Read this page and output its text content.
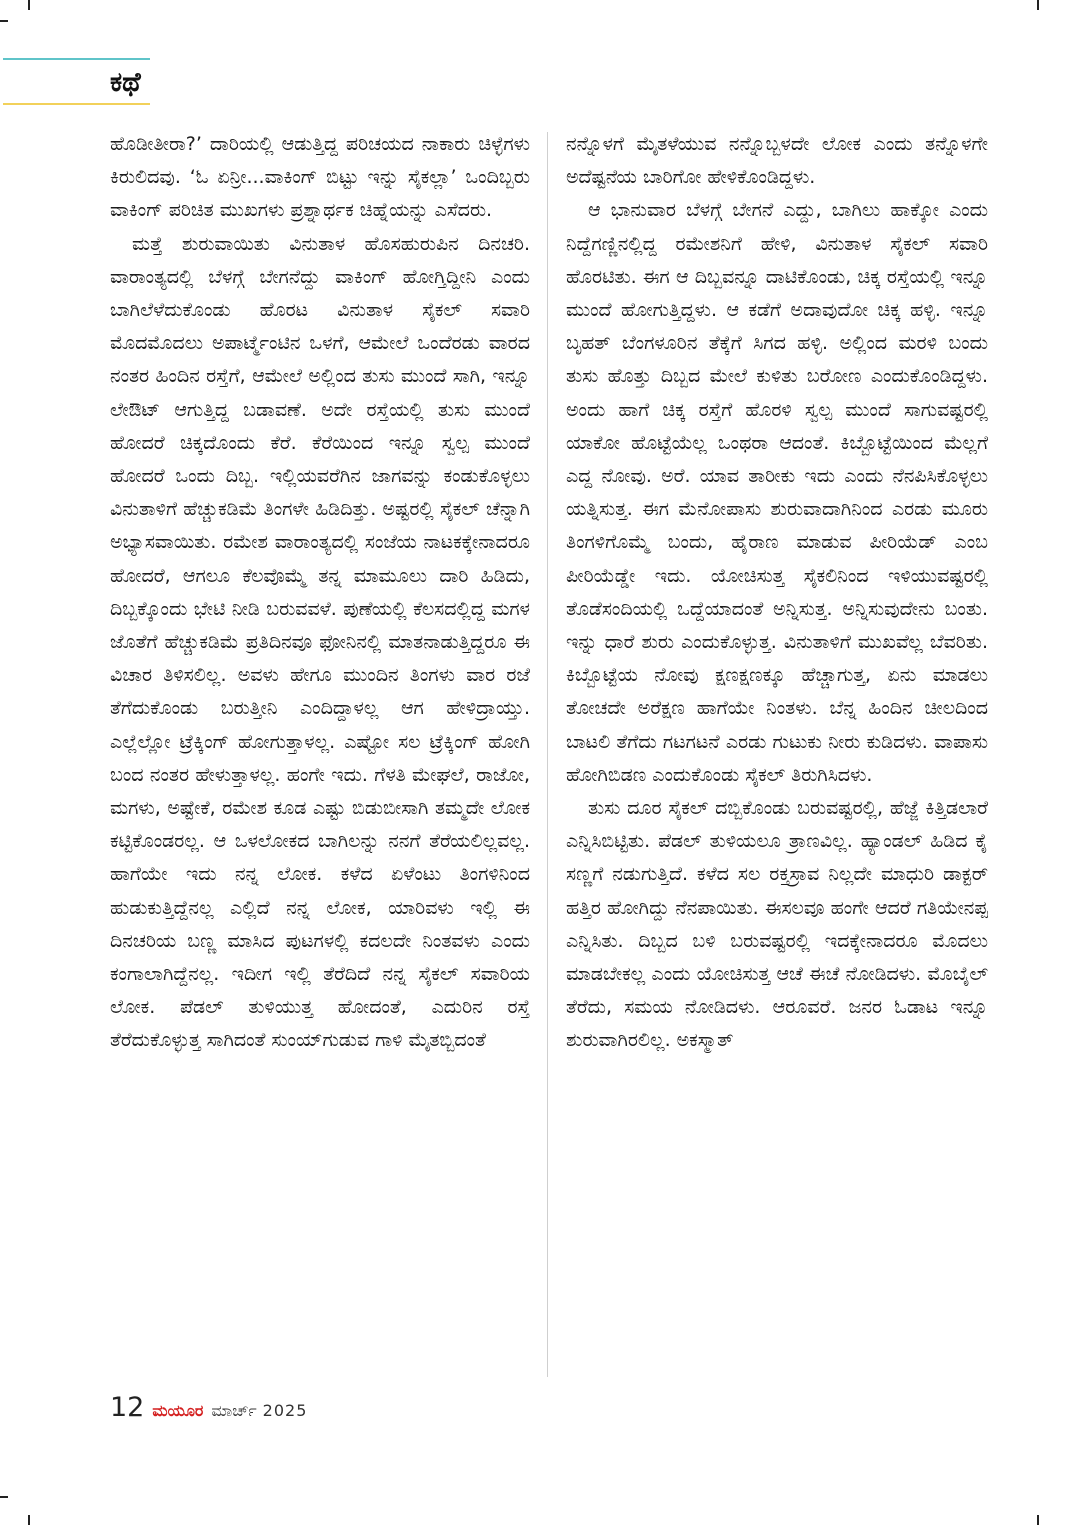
ಕಥೆ

ಹೊಡೀತೀರಾ?’ ದಾರಿಯಲ್ಲಿ ಆಡುತ್ತಿದ್ದ ಪರಿಚಯದ ನಾಕಾರು ಚಿಳ್ಳೆಗಳು ಕಿರುಲಿದವು. ‘ಓ ಏನ್ರೀ...ವಾಕಿಂಗ್ ಬಿಟ್ಟು ಇನ್ನು ಸೈಕಲ್ಲಾ’ ಒಂದಿಬ್ಬರು ವಾಕಿಂಗ್ ಪರಿಚಿತ ಮುಖಗಳು ಪ್ರಶ್ನಾರ್ಥಕ ಚಿಹ್ನೆಯನ್ನು ಎಸೆದರು.

ಮತ್ತೆ ಶುರುವಾಯಿತು ವಿನುತಾಳ ಹೊಸಹುರುಪಿನ ದಿನಚರಿ. ವಾರಾಂತ್ಯದಲ್ಲಿ ಬೆಳಗ್ಗೆ ಬೇಗನೆದ್ದು ವಾಕಿಂಗ್ ಹೋಗ್ತಿದ್ದೀನಿ ಎಂದು ಬಾಗಿಲೆಳೆದುಕೊಂಡು ಹೊರಟ ವಿನುತಾಳ ಸೈಕಲ್ ಸವಾರಿ ಮೊದಮೊದಲು ಅಪಾರ್ಟ್ಮೆಂಟಿನ ಒಳಗೆ, ಆಮೇಲೆ ಒಂದೆರಡು ವಾರದ ನಂತರ ಹಿಂದಿನ ರಸ್ತೆಗೆ, ಆಮೇಲೆ ಅಲ್ಲಿಂದ ತುಸು ಮುಂದೆ ಸಾಗಿ, ಇನ್ನೂ ಲೇಔಟ್ ಆಗುತ್ತಿದ್ದ ಬಡಾವಣೆ. ಅದೇ ರಸ್ತೆಯಲ್ಲಿ ತುಸು ಮುಂದೆ ಹೋದರೆ ಚಿಕ್ಕದೊಂದು ಕೆರೆ. ಕೆರೆಯಿಂದ ಇನ್ನೂ ಸ್ವಲ್ಪ ಮುಂದೆ ಹೋದರೆ ಒಂದು ದಿಬ್ಬ. ಇಲ್ಲಿಯವರೆಗಿನ ಜಾಗವನ್ನು ಕಂಡುಕೊಳ್ಳಲು ವಿನುತಾಳಿಗೆ ಹೆಚ್ಚುಕಡಿಮೆ ತಿಂಗಳೇ ಹಿಡಿದಿತ್ತು. ಅಷ್ಟರಲ್ಲಿ ಸೈಕಲ್ ಚೆನ್ನಾಗಿ ಅಭ್ಯಾಸವಾಯಿತು. ರಮೇಶ ವಾರಾಂತ್ಯದಲ್ಲಿ ಸಂಜೆಯ ನಾಟಕಕ್ಕೇನಾದರೂ ಹೋದರೆ, ಆಗಲೂ ಕೆಲವೊಮ್ಮೆ ತನ್ನ ಮಾಮೂಲು ದಾರಿ ಹಿಡಿದು, ದಿಬ್ಬಕ್ಕೊಂದು ಭೇಟಿ ನೀಡಿ ಬರುವವಳೆ. ಪುಣೆಯಲ್ಲಿ ಕೆಲಸದಲ್ಲಿದ್ದ ಮಗಳ ಜೊತೆಗೆ ಹೆಚ್ಚುಕಡಿಮೆ ಪ್ರತಿದಿನವೂ ಫೋನಿನಲ್ಲಿ ಮಾತನಾಡುತ್ತಿದ್ದರೂ ಈ ವಿಚಾರ ತಿಳಿಸಲಿಲ್ಲ. ಅವಳು ಹೇಗೂ ಮುಂದಿನ ತಿಂಗಳು ವಾರ ರಜೆ ತೆಗೆದುಕೊಂಡು ಬರುತ್ತೀನಿ ಎಂದಿದ್ದಾಳಲ್ಲ ಆಗ ಹೇಳಿದ್ರಾಯ್ತು. ಎಲ್ಲೆಲ್ಲೋ ಟ್ರೆಕ್ಕಿಂಗ್ ಹೋಗುತ್ತಾಳಲ್ಲ. ಎಷ್ಟೋ ಸಲ ಟ್ರೆಕ್ಕಿಂಗ್ ಹೋಗಿ ಬಂದ ನಂತರ ಹೇಳುತ್ತಾಳಲ್ಲ. ಹಂಗೇ ಇದು. ಗೆಳತಿ ಮೇಘಲೆ, ರಾಜೋ, ಮಗಳು, ಅಷ್ಟೇಕೆ, ರಮೇಶ ಕೂಡ ಎಷ್ಟು ಬಿಡುಬೀಸಾಗಿ ತಮ್ಮದೇ ಲೋಕ ಕಟ್ಟಿಕೊಂಡರಲ್ಲ. ಆ ಒಳಲೋಕದ ಬಾಗಿಲನ್ನು ನನಗೆ ತೆರೆಯಲಿಲ್ಲವಲ್ಲ. ಹಾಗೆಯೇ ಇದು ನನ್ನ ಲೋಕ. ಕಳೆದ ಏಳೆಂಟು ತಿಂಗಳಿನಿಂದ ಹುಡುಕುತ್ತಿದ್ದೆನಲ್ಲ ಎಲ್ಲಿದೆ ನನ್ನ ಲೋಕ, ಯಾರಿವಳು ಇಲ್ಲಿ ಈ ದಿನಚರಿಯ ಬಣ್ಣ ಮಾಸಿದ ಪುಟಗಳಲ್ಲಿ ಕದಲದೇ ನಿಂತವಳು ಎಂದು ಕಂಗಾಲಾಗಿದ್ದೆನಲ್ಲ. ಇದೀಗ ಇಲ್ಲಿ ತೆರೆದಿದೆ ನನ್ನ ಸೈಕಲ್ ಸವಾರಿಯ ಲೋಕ. ಪೆಡಲ್ ತುಳಿಯುತ್ತ ಹೋದಂತೆ, ಎದುರಿನ ರಸ್ತೆ ತೆರೆದುಕೊಳ್ಳುತ್ತ ಸಾಗಿದಂತೆ ಸುಂಯ್‌ಗುಡುವ ಗಾಳಿ ಮೈತಬ್ಬಿದಂತೆ

ನನ್ನೊಳಗೆ ಮೈತಳೆಯುವ ನನ್ನೊಬ್ಬಳದೇ ಲೋಕ ಎಂದು ತನ್ನೊಳಗೇ ಅದೆಷ್ಟನೆಯ ಬಾರಿಗೋ ಹೇಳಿಕೊಂಡಿದ್ದಳು.

ಆ ಭಾನುವಾರ ಬೆಳಗ್ಗೆ ಬೇಗನೆ ಎದ್ದು, ಬಾಗಿಲು ಹಾಕ್ಕೋ ಎಂದು ನಿದ್ದೆಗಣ್ಣಿನಲ್ಲಿದ್ದ ರಮೇಶನಿಗೆ ಹೇಳಿ, ವಿನುತಾಳ ಸೈಕಲ್ ಸವಾರಿ ಹೊರಟಿತು. ಈಗ ಆ ದಿಬ್ಬವನ್ನೂ ದಾಟಿಕೊಂಡು, ಚಿಕ್ಕ ರಸ್ತೆಯಲ್ಲಿ ಇನ್ನೂ ಮುಂದೆ ಹೋಗುತ್ತಿದ್ದಳು. ಆ ಕಡೆಗೆ ಅದಾವುದೋ ಚಿಕ್ಕ ಹಳ್ಳಿ. ಇನ್ನೂ ಬೃಹತ್ ಬೆಂಗಳೂರಿನ ತೆಕ್ಕೆಗೆ ಸಿಗದ ಹಳ್ಳಿ. ಅಲ್ಲಿಂದ ಮರಳಿ ಬಂದು ತುಸು ಹೊತ್ತು ದಿಬ್ಬದ ಮೇಲೆ ಕುಳಿತು ಬರೋಣ ಎಂದುಕೊಂಡಿದ್ದಳು. ಅಂದು ಹಾಗೆ ಚಿಕ್ಕ ರಸ್ತೆಗೆ ಹೊರಳಿ ಸ್ವಲ್ಪ ಮುಂದೆ ಸಾಗುವಷ್ಟರಲ್ಲಿ ಯಾಕೋ ಹೊಟ್ಟೆಯೆಲ್ಲ ಒಂಥರಾ ಆದಂತೆ. ಕಿಬ್ಬೊಟ್ಟೆಯಿಂದ ಮೆಲ್ಲಗೆ ಎದ್ದ ನೋವು. ಅರೆ. ಯಾವ ತಾರೀಕು ಇದು ಎಂದು ನೆನಪಿಸಿಕೊಳ್ಳಲು ಯತ್ನಿಸುತ್ತ. ಈಗ ಮೆನೋಪಾಸು ಶುರುವಾದಾಗಿನಿಂದ ಎರಡು ಮೂರು ತಿಂಗಳಿಗೊಮ್ಮೆ ಬಂದು, ಹೈರಾಣ ಮಾಡುವ ಪೀರಿಯೆಡ್ ಎಂಬ ಪೀರಿಯೆಡ್ಡೇ ಇದು. ಯೋಚಿಸುತ್ತ ಸೈಕಲಿನಿಂದ ಇಳಿಯುವಷ್ಟರಲ್ಲಿ ತೊಡೆಸಂದಿಯಲ್ಲಿ ಒದ್ದೆಯಾದಂತೆ ಅನ್ನಿಸುತ್ತ. ಅನ್ನಿಸುವುದೇನು ಬಂತು. ಇನ್ನು ಧಾರೆ ಶುರು ಎಂದುಕೊಳ್ಳುತ್ತ. ವಿನುತಾಳಿಗೆ ಮುಖವೆಲ್ಲ ಬೆವರಿತು. ಕಿಬ್ಬೊಟ್ಟೆಯ ನೋವು ಕ್ಷಣಕ್ಷಣಕ್ಕೂ ಹೆಚ್ಚಾಗುತ್ತ, ಏನು ಮಾಡಲು ತೋಚದೇ ಅರೆಕ್ಷಣ ಹಾಗೆಯೇ ನಿಂತಳು. ಬೆನ್ನ ಹಿಂದಿನ ಚೀಲದಿಂದ ಬಾಟಲಿ ತೆಗೆದು ಗಟಗಟನೆ ಎರಡು ಗುಟುಕು ನೀರು ಕುಡಿದಳು. ವಾಪಾಸು ಹೋಗಿಬಿಡಣ ಎಂದುಕೊಂಡು ಸೈಕಲ್ ತಿರುಗಿಸಿದಳು.

ತುಸು ದೂರ ಸೈಕಲ್ ದಬ್ಬಿಕೊಂಡು ಬರುವಷ್ಟರಲ್ಲಿ, ಹೆಜ್ಜೆ ಕಿತ್ತಿಡಲಾರೆ ಎನ್ನಿಸಿಬಿಟ್ಟಿತು. ಪೆಡಲ್ ತುಳಿಯಲೂ ತ್ರಾಣವಿಲ್ಲ. ಹ್ಯಾಂಡಲ್ ಹಿಡಿದ ಕೈ ಸಣ್ಣಗೆ ನಡುಗುತ್ತಿದೆ. ಕಳೆದ ಸಲ ರಕ್ತಸ್ರಾವ ನಿಲ್ಲದೇ ಮಾಧುರಿ ಡಾಕ್ಟರ್ ಹತ್ತಿರ ಹೋಗಿದ್ದು ನೆನಪಾಯಿತು. ಈಸಲವೂ ಹಂಗೇ ಆದರೆ ಗತಿಯೇನಪ್ಪ ಎನ್ನಿಸಿತು. ದಿಬ್ಬದ ಬಳಿ ಬರುವಷ್ಟರಲ್ಲಿ ಇದಕ್ಕೇನಾದರೂ ಮೊದಲು ಮಾಡಬೇಕಲ್ಲ ಎಂದು ಯೋಚಿಸುತ್ತ ಆಚೆ ಈಚೆ ನೋಡಿದಳು. ಮೊಬೈಲ್ ತೆರೆದು, ಸಮಯ ನೋಡಿದಳು. ಆರೂವರೆ. ಜನರ ಓಡಾಟ ಇನ್ನೂ ಶುರುವಾಗಿರಲಿಲ್ಲ. ಅಕಸ್ಮಾತ್

12 ಮಯೂರ ಮಾರ್ಚ್ 2025
